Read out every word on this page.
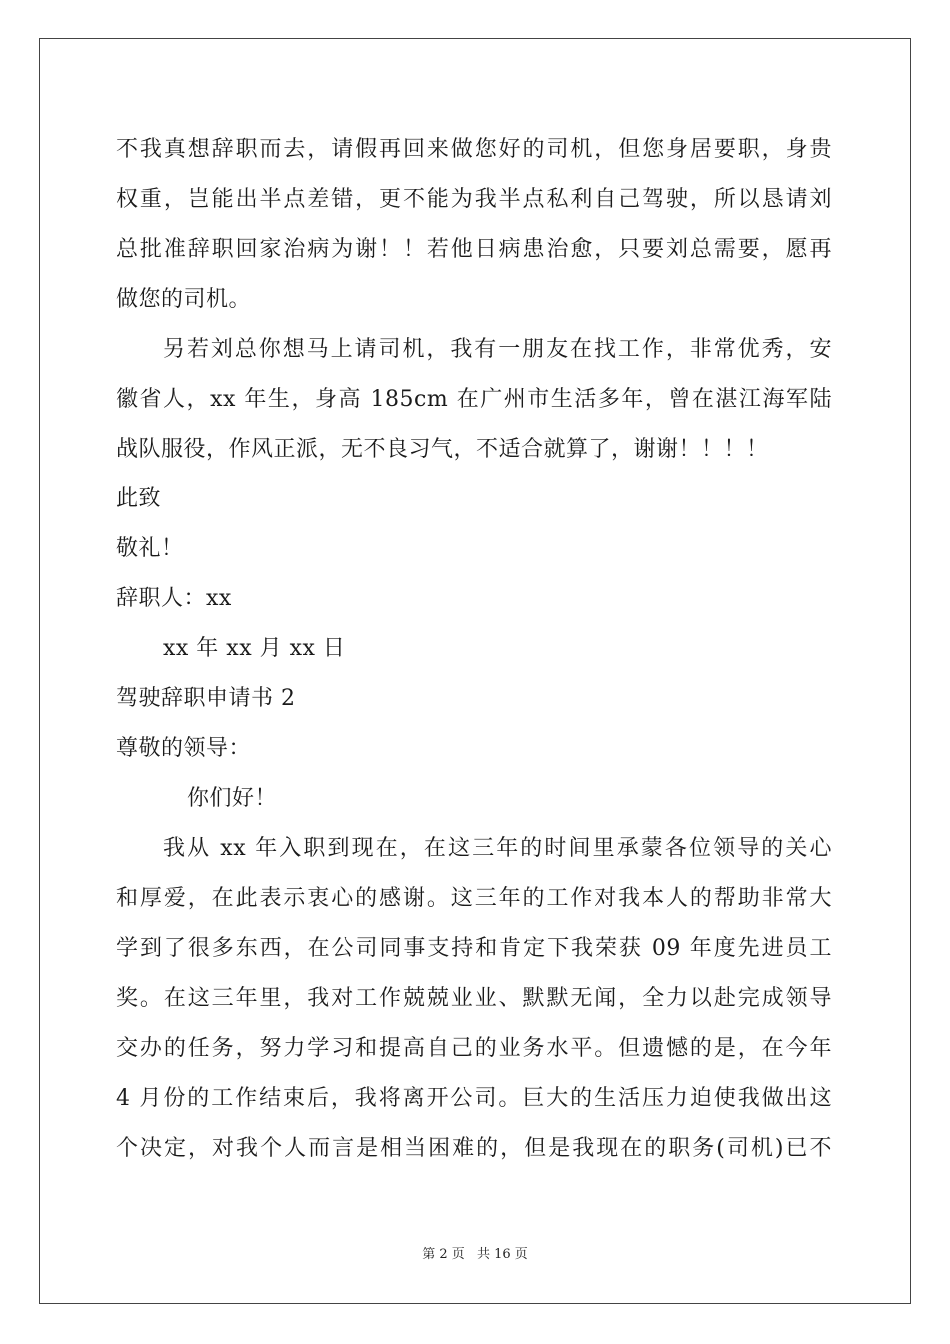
不我真想辞职而去，请假再回来做您好的司机，但您身居要职，身贵
权重，岂能出半点差错，更不能为我半点私利自己驾驶，所以恳请刘
总批准辞职回家治病为谢！！若他日病患治愈，只要刘总需要，愿再
做您的司机。
另若刘总你想马上请司机，我有一朋友在找工作，非常优秀，安
徽省人，xx 年生，身高 185cm 在广州市生活多年，曾在湛江海军陆
战队服役，作风正派，无不良习气，不适合就算了，谢谢！！！！
此致
敬礼！
辞职人：xx
xx 年 xx 月 xx 日
驾驶辞职申请书 2
尊敬的领导：
你们好！
我从 xx 年入职到现在，在这三年的时间里承蒙各位领导的关心
和厚爱，在此表示衷心的感谢。这三年的工作对我本人的帮助非常大
学到了很多东西，在公司同事支持和肯定下我荣获 09 年度先进员工
奖。在这三年里，我对工作兢兢业业、默默无闻，全力以赴完成领导
交办的任务，努力学习和提高自己的业务水平。但遗憾的是，在今年
4 月份的工作结束后，我将离开公司。巨大的生活压力迫使我做出这
个决定，对我个人而言是相当困难的，但是我现在的职务(司机)已不
第 2 页 共 16 页
